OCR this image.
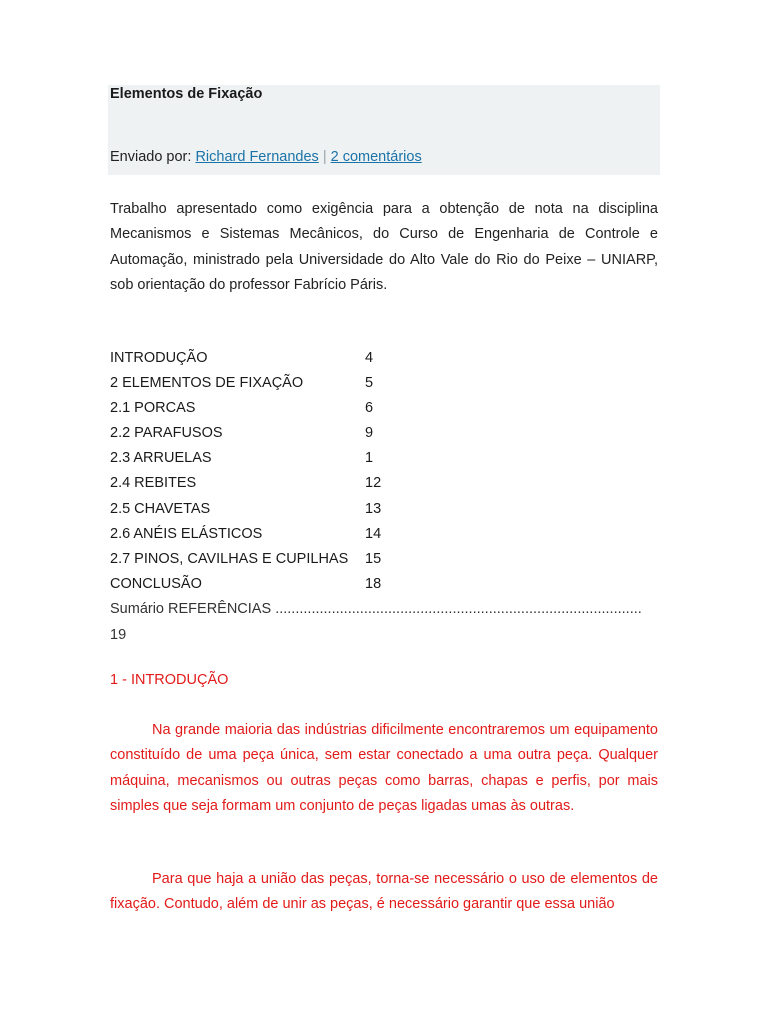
Elementos de Fixação
Enviado por: Richard Fernandes | 2 comentários
Trabalho apresentado como exigência para a obtenção de nota na disciplina Mecanismos e Sistemas Mecânicos, do Curso de Engenharia de Controle e Automação, ministrado pela Universidade do Alto Vale do Rio do Peixe – UNIARP, sob orientação do professor Fabrício Páris.
INTRODUÇÃO	4
2 ELEMENTOS DE FIXAÇÃO	5
2.1 PORCAS	6
2.2 PARAFUSOS	9
2.3 ARRUELAS	1
2.4 REBITES	12
2.5 CHAVETAS	13
2.6 ANÉIS ELÁSTICOS	14
2.7 PINOS, CAVILHAS E CUPILHAS 15
CONCLUSÃO	18
Sumário REFERÊNCIAS ...........................................................................................
19
1 - INTRODUÇÃO
Na grande maioria das indústrias dificilmente encontraremos um equipamento constituído de uma peça única, sem estar conectado a uma outra peça. Qualquer máquina, mecanismos ou outras peças como barras, chapas e perfis, por mais simples que seja formam um conjunto de peças ligadas umas às outras.
Para que haja a união das peças, torna-se necessário o uso de elementos de fixação. Contudo, além de unir as peças, é necessário garantir que essa união
